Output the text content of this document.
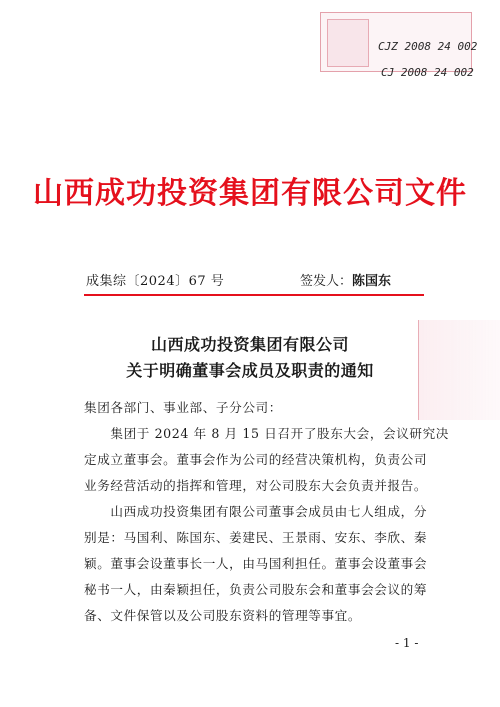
CJZ 2008 24 002
CJ 2008 24 002
山西成功投资集团有限公司文件
成集综〔2024〕67 号	签发人：陈国东
山西成功投资集团有限公司
关于明确董事会成员及职责的通知
集团各部门、事业部、子分公司：
　　集团于 2024 年 8 月 15 日召开了股东大会，会议研究决
定成立董事会。董事会作为公司的经营决策机构，负责公司
业务经营活动的指挥和管理，对公司股东大会负责并报告。
　　山西成功投资集团有限公司董事会成员由七人组成，分
别是：马国利、陈国东、姜建民、王景雨、安东、李欣、秦
颖。董事会设董事长一人，由马国利担任。董事会设董事会
秘书一人，由秦颖担任，负责公司股东会和董事会会议的筹
备、文件保管以及公司股东资料的管理等事宜。
- 1 -
